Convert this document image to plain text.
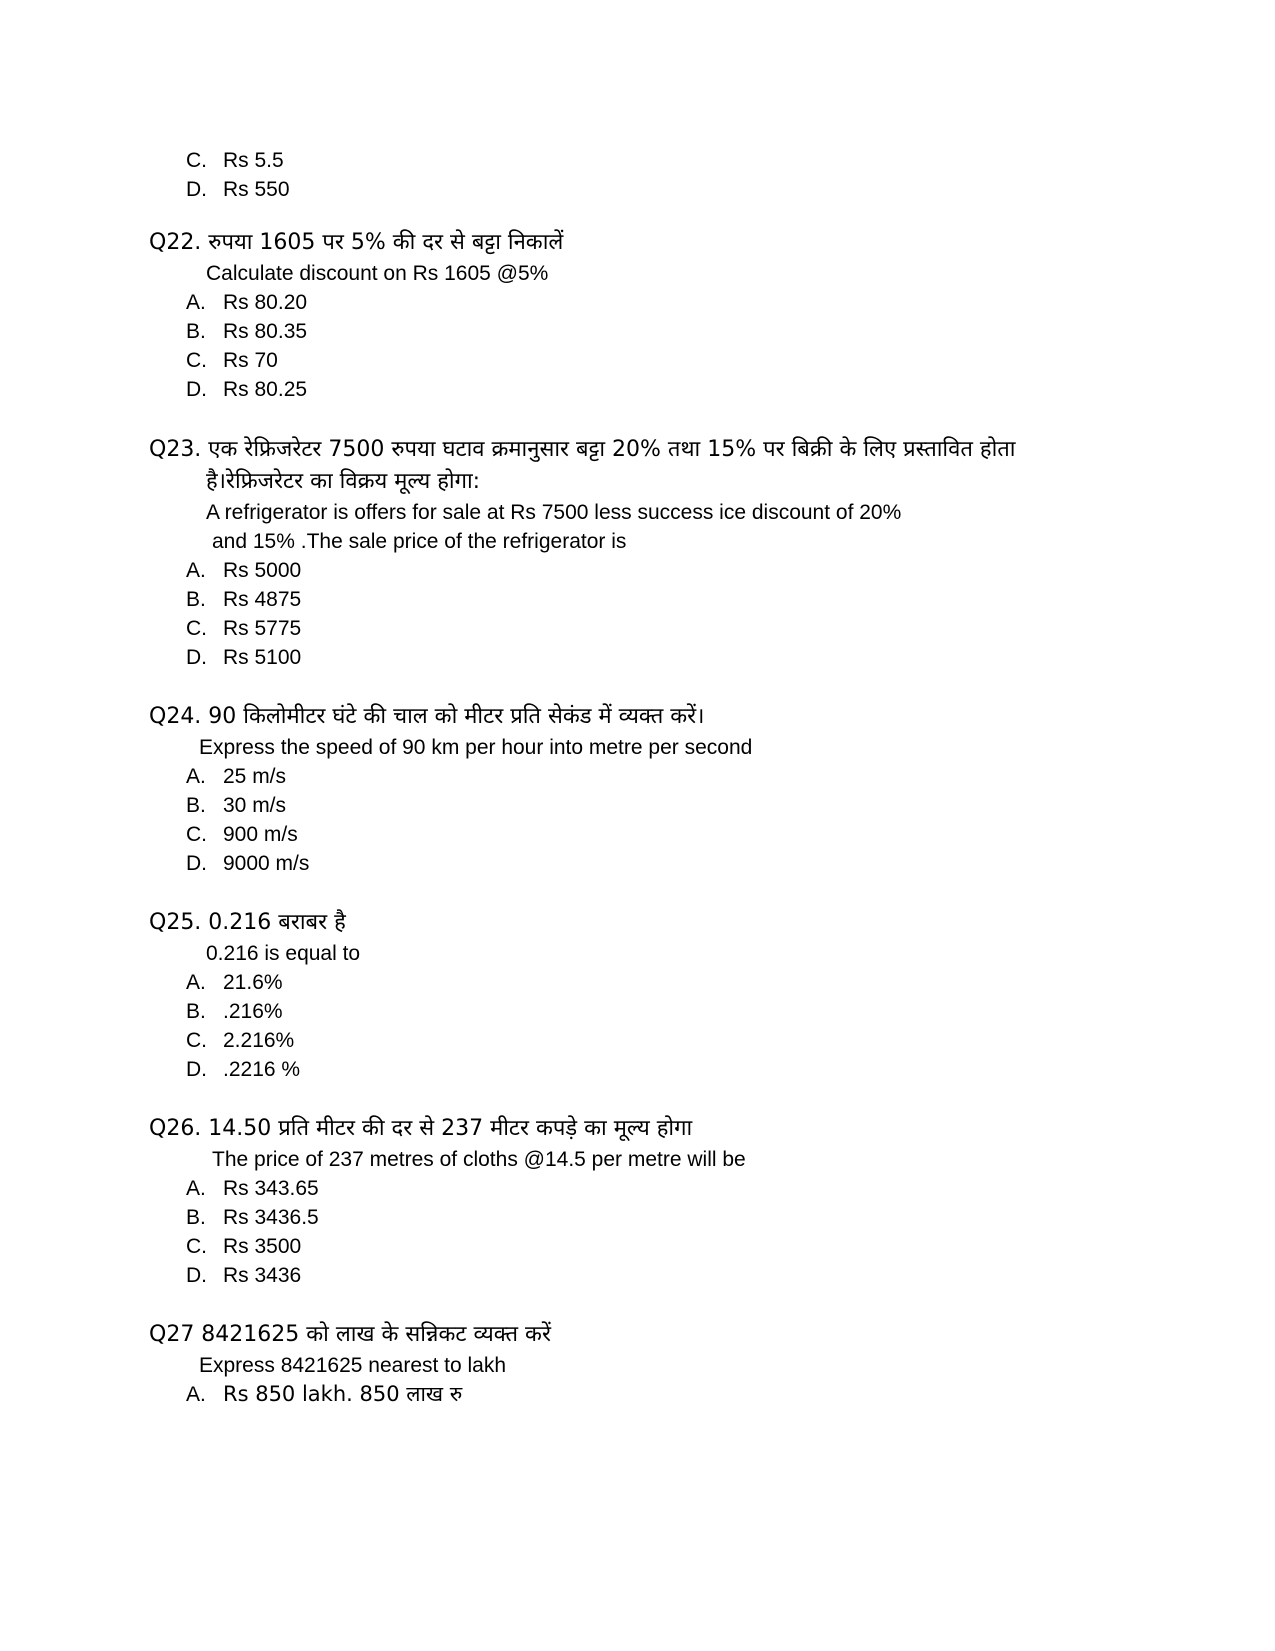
C. Rs 5.5
D. Rs 550
Q22. रुपया 1605 पर 5% की दर से बट्टा निकालें
Calculate discount on Rs 1605 @5%
A. Rs 80.20
B. Rs 80.35
C. Rs 70
D. Rs 80.25
Q23. एक रेफ्रिजरेटर 7500 रुपया घटाव क्रमानुसार बट्टा 20% तथा 15% पर बिक्री के लिए प्रस्तावित होता
है।रेफ्रिजरेटर का विक्रय मूल्य होगा:
A refrigerator is offers for sale at Rs 7500 less success ice discount of 20%
and 15% .The sale price of the refrigerator is
A. Rs 5000
B. Rs 4875
C. Rs 5775
D. Rs 5100
Q24. 90 किलोमीटर घंटे की चाल को मीटर प्रति सेकंड में व्यक्त करें।
Express the speed of 90 km per hour into metre per second
A. 25 m/s
B. 30 m/s
C. 900 m/s
D. 9000 m/s
Q25. 0.216 बराबर है
0.216 is equal to
A. 21.6%
B. .216%
C. 2.216%
D. .2216 %
Q26. 14.50 प्रति मीटर की दर से 237 मीटर कपड़े का मूल्य होगा
The price of 237 metres of cloths @14.5 per metre will be
A. Rs 343.65
B. Rs 3436.5
C. Rs 3500
D. Rs 3436
Q27 8421625 को लाख के सन्निकट व्यक्त करें
Express 8421625 nearest to lakh
A. Rs 850 lakh. 850 लाख रु
